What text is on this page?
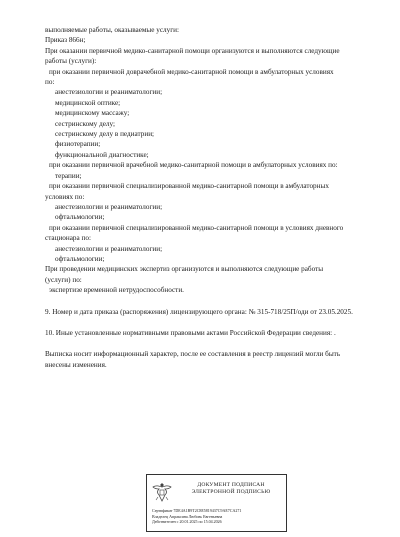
выполняемые работы, оказываемые услуги:
Приказ 866н;
При оказании первичной медико-санитарной помощи организуются и выполняются следующие
работы (услуги):
при оказании первичной доврачебной медико-санитарной помощи в амбулаторных условиях
по:
анестезиологии и реаниматологии;
медицинской оптике;
медицинскому массажу;
сестринскому делу;
сестринскому делу в педиатрии;
физиотерапии;
функциональной диагностике;
при оказании первичной врачебной медико-санитарной помощи в амбулаторных условиях по:
терапии;
при оказании первичной специализированной медико-санитарной помощи в амбулаторных
условиях по:
анестезиологии и реаниматологии;
офтальмологии;
при оказании первичной специализированной медико-санитарной помощи в условиях дневного
стационара по:
анестезиологии и реаниматологии;
офтальмологии;
При проведении медицинских экспертиз организуются и выполняются следующие работы
(услуги) по:
экспертизе временной нетрудоспособности.
9. Номер и дата приказа (распоряжения) лицензирующего органа: № 315-718/25П/оди от 23.05.2025.
10. Иные установленные нормативными правовыми актами Российской Федерации сведения: .
Выписка носит информационный характер, после ее составления в реестр лицензий могли быть внесены изменения.
ДОКУМЕНТ ПОДПИСАН
ЭЛЕКТРОННОЙ ПОДПИСЬЮ
Сертификат 7DE4A1B9T2C8E5819437C9AE7CA271
Владелец Апраксина Любовь Евгеньевна
Действителен с 20.01.2025 по 15.04.2026
